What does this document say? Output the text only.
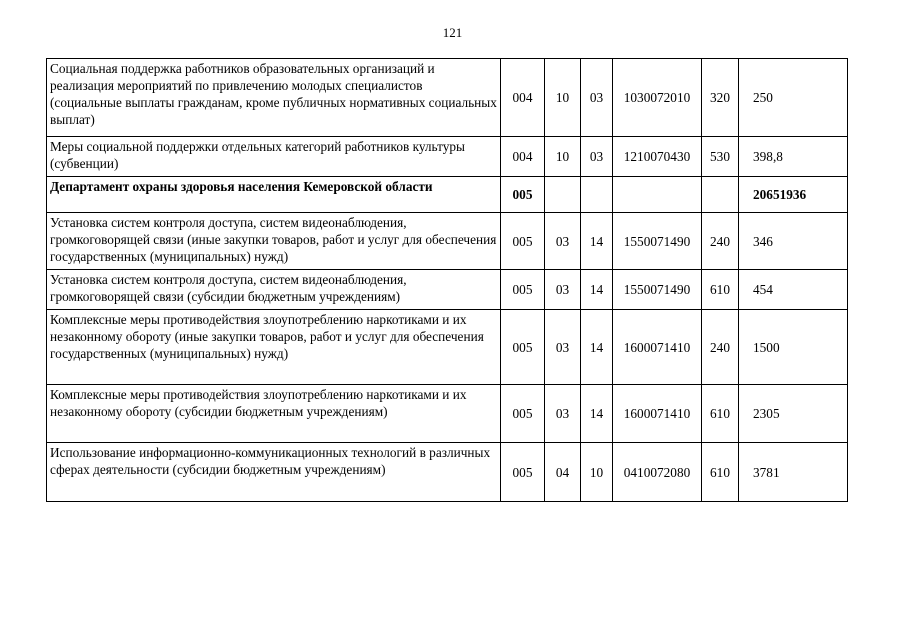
121
Социальная поддержка работников образовательных организаций и реализация мероприятий по привлечению молодых специалистов (социальные выплаты гражданам, кроме публичных нормативных социальных выплат)	004	10	03	1030072010	320	250
Меры социальной поддержки отдельных категорий работников культуры (субвенции)	004	10	03	1210070430	530	398,8
Департамент охраны здоровья населения Кемеровской области	005					20651936
Установка систем контроля доступа, систем видеонаблюдения, громкоговорящей связи (иные закупки товаров, работ и услуг для обеспечения государственных (муниципальных) нужд)	005	03	14	1550071490	240	346
Установка систем контроля доступа, систем видеонаблюдения, громкоговорящей связи (субсидии бюджетным учреждениям)	005	03	14	1550071490	610	454
Комплексные меры противодействия злоупотреблению наркотиками и их незаконному обороту (иные закупки товаров, работ и услуг для обеспечения государственных (муниципальных) нужд)	005	03	14	1600071410	240	1500
Комплексные меры противодействия злоупотреблению наркотиками и их незаконному обороту (субсидии бюджетным учреждениям)	005	03	14	1600071410	610	2305
Использование информационно-коммуникационных технологий в различных сферах деятельности (субсидии бюджетным учреждениям)	005	04	10	0410072080	610	3781
